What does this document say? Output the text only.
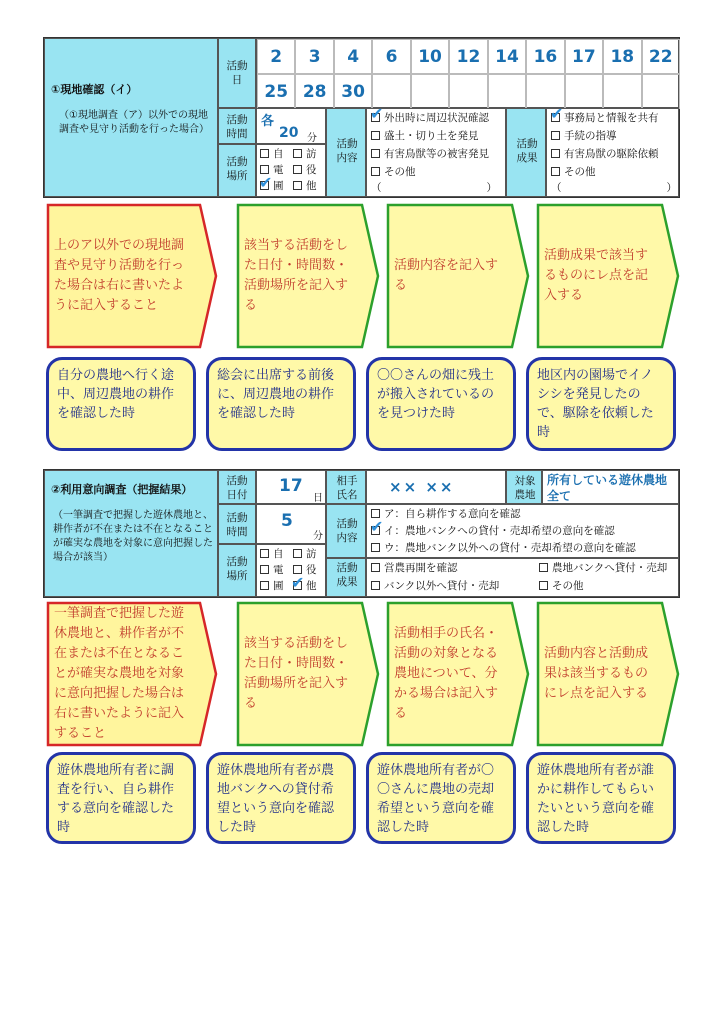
①現地確認（イ）
（①現地調査（ア）以外での現地調査や見守り活動を行った場合）
活動日
2	3	4	6	10 12 14 16 17 18 22
25 28 30
活動時間
各
20 分
活動場所
自	訪
電	役
圃	他
✔
活動内容
外出時に周辺状況確認
盛土・切り土を発見
有害鳥獣等の被害発見
その他
（　　　　　　　　　　）
✔
活動成果
事務局と情報を共有
手続の指導
有害鳥獣の駆除依頼
その他
（　　　　　　　　　　）
✔
上のア以外での現地調査や見守り活動を行った場合は右に書いたように記入すること
該当する活動をした日付・時間数・活動場所を記入する
活動内容を記入する
活動成果で該当するものにレ点を記入する
自分の農地へ行く途中、周辺農地の耕作を確認した時
総会に出席する前後に、周辺農地の耕作を確認した時
〇〇さんの畑に残土が搬入されているのを見つけた時
地区内の園場でイノシシを発見したので、駆除を依頼した時
②利用意向調査（把握結果）
（一筆調査で把握した遊休農地と、耕作者が不在または不在となることが確実な農地を対象に意向把握した場合が該当）
活動日付 17
日
相手氏名 ×× ××	対象農地
所有している遊休農地全て
活動時間
5
分
活動場所
自	訪
電	役
圃	他
✔
活動内容
ア：自ら耕作する意向を確認
イ：農地バンクへの貸付・売却希望の意向を確認
ウ：農地バンク以外への貸付・売却希望の意向を確認
✔
活動成果
営農再開を確認	農地バンクへ貸付・売却
バンク以外へ貸付・売却	その他
一筆調査で把握した遊休農地と、耕作者が不在または不在となることが確実な農地を対象に意向把握した場合は右に書いたように記入すること
該当する活動をした日付・時間数・活動場所を記入する
活動相手の氏名・活動の対象となる農地について、分かる場合は記入する
活動内容と活動成果は該当するものにレ点を記入する
遊休農地所有者に調査を行い、自ら耕作する意向を確認した時
遊休農地所有者が農地バンクへの貸付希望という意向を確認した時
遊休農地所有者が〇〇さんに農地の売却希望という意向を確認した時
遊休農地所有者が誰かに耕作してもらいたいという意向を確認した時
